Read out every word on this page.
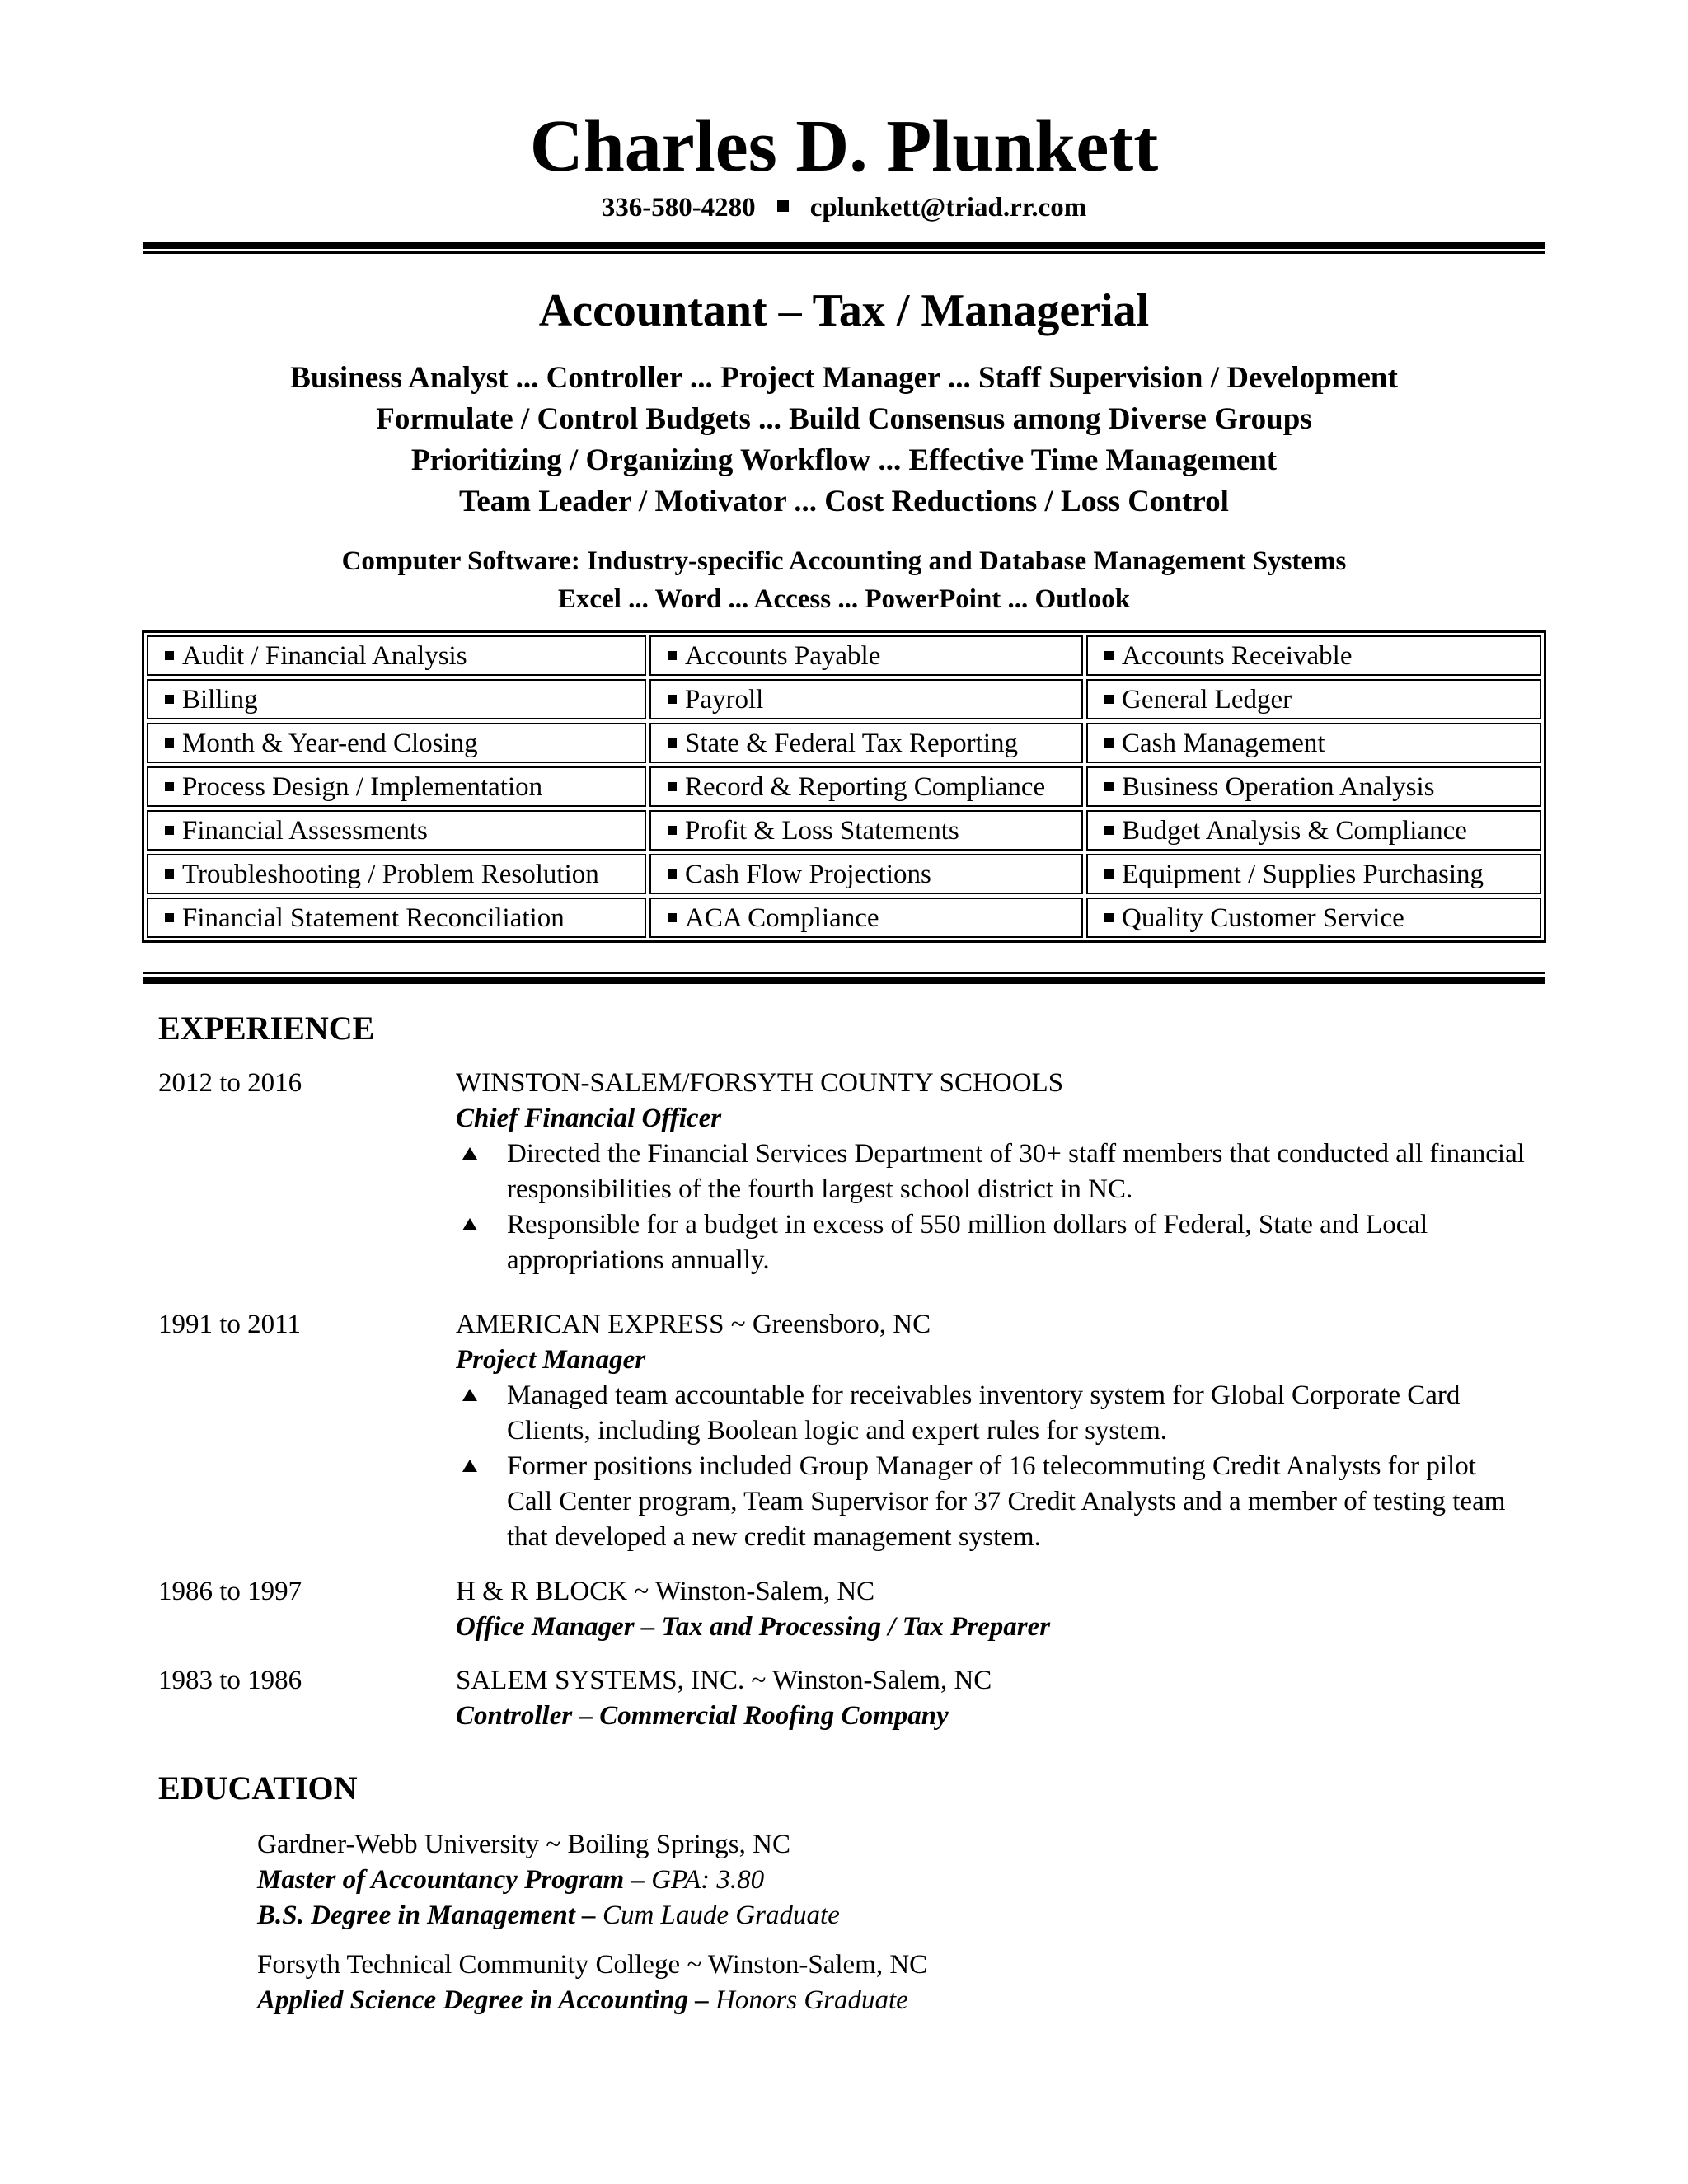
Charles D. Plunkett
336-580-4280 cplunkett@triad.rr.com
Accountant – Tax / Managerial
Business Analyst ... Controller ... Project Manager ... Staff Supervision / Development
Formulate / Control Budgets ... Build Consensus among Diverse Groups
Prioritizing / Organizing Workflow ... Effective Time Management
Team Leader / Motivator ... Cost Reductions / Loss Control
Computer Software: Industry-specific Accounting and Database Management Systems
Excel ... Word ... Access ... PowerPoint ... Outlook
Audit / Financial Analysis	Accounts Payable	Accounts Receivable
Billing	Payroll	General Ledger
Month & Year-end Closing	State & Federal Tax Reporting	Cash Management
Process Design / Implementation	Record & Reporting Compliance	Business Operation Analysis
Financial Assessments	Profit & Loss Statements	Budget Analysis & Compliance
Troubleshooting / Problem Resolution	Cash Flow Projections	Equipment / Supplies Purchasing
Financial Statement Reconciliation	ACA Compliance	Quality Customer Service
EXPERIENCE
2012 to 2016	WINSTON-SALEM/FORSYTH COUNTY SCHOOLS
Chief Financial Officer
Directed the Financial Services Department of 30+ staff members that conducted all financial responsibilities of the fourth largest school district in NC.
Responsible for a budget in excess of 550 million dollars of Federal, State and Local appropriations annually.
1991 to 2011	AMERICAN EXPRESS ~ Greensboro, NC
Project Manager
Managed team accountable for receivables inventory system for Global Corporate Card Clients, including Boolean logic and expert rules for system.
Former positions included Group Manager of 16 telecommuting Credit Analysts for pilot Call Center program, Team Supervisor for 37 Credit Analysts and a member of testing team that developed a new credit management system.
1986 to 1997	H & R BLOCK ~ Winston-Salem, NC
Office Manager – Tax and Processing / Tax Preparer
1983 to 1986	SALEM SYSTEMS, INC. ~ Winston-Salem, NC
Controller – Commercial Roofing Company
EDUCATION
Gardner-Webb University ~ Boiling Springs, NC
Master of Accountancy Program – GPA: 3.80
B.S. Degree in Management – Cum Laude Graduate
Forsyth Technical Community College ~ Winston-Salem, NC
Applied Science Degree in Accounting – Honors Graduate
